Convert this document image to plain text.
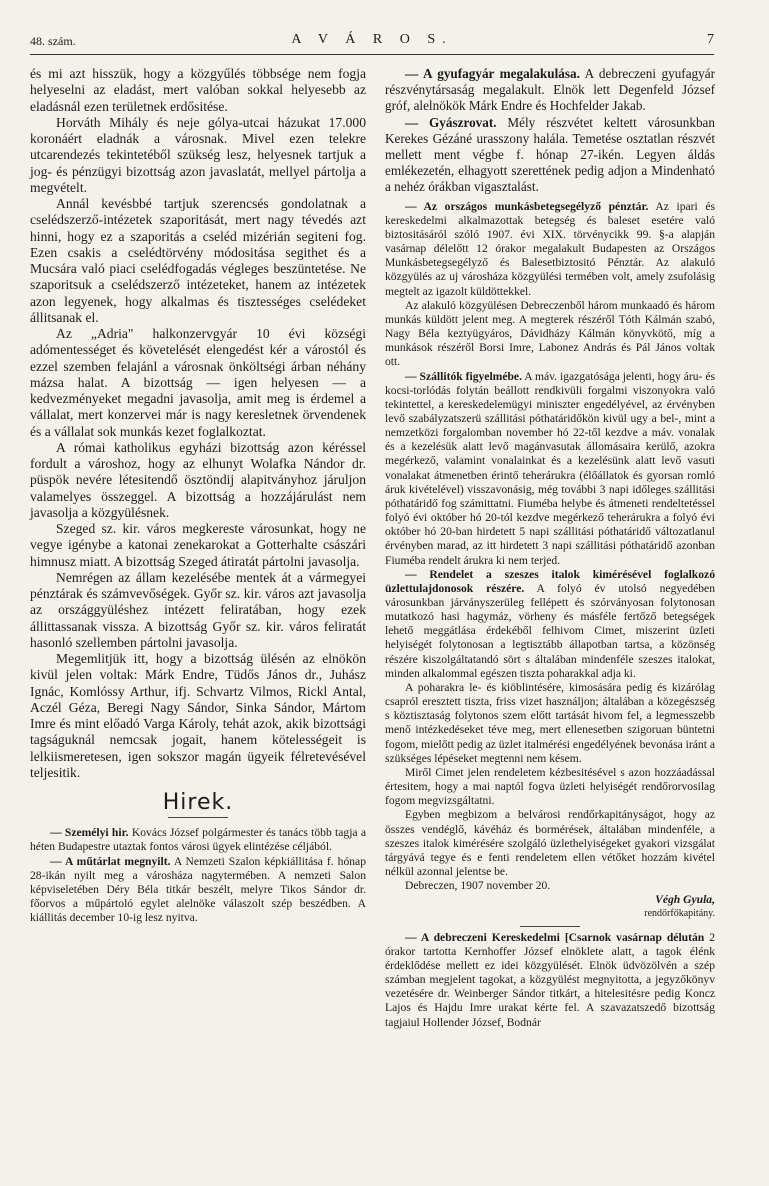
48. szám.	A V Á R O S.	7

és mi azt hisszük, hogy a közgyűlés többsége nem fogja helyeselni az eladást, mert valóban sokkal helyesebb az eladásnál ezen területnek erdősitése.

Horváth Mihály és neje gólya-utcai házukat 17.000 koronáért eladnák a városnak. Mivel ezen telekre utcarendezés tekintetéből szükség lesz, helyesnek tartjuk a jog- és pénzügyi bizottság azon javaslatát, mellyel pártolja a megvételt.

Annál kevésbbé tartjuk szerencsés gondolatnak a cselédszerző-intézetek szaporitását, mert nagy tévedés azt hinni, hogy ez a szaporitás a cseléd mizérián segiteni fog. Ezen csakis a cselédtörvény módositása segithet és a Mucsára való piaci cselédfogadás végleges beszüntetése. Ne szaporitsuk a cselédszerző intézeteket, hanem az intézetek azon legyenek, hogy alkalmas és tisztességes cselédeket állitsanak el.

Az „Adria" halkonzervgyár 10 évi községi adómentességet és követelését elengedést kér a várostól és ezzel szemben felajánl a városnak önköltségi árban néhány mázsa halat. A bizottság — igen helyesen — a kedvezményeket megadni javasolja, amit meg is érdemel a vállalat, mert konzervei már is nagy keresletnek örvendenek és a vállalat sok munkás kezet foglalkoztat.

A római katholikus egyházi bizottság azon kéréssel fordult a városhoz, hogy az elhunyt Wolafka Nándor dr. püspök nevére létesitendő ösztöndij alapitványhoz járuljon valamelyes összeggel. A bizottság a hozzájárulást nem javasolja a közgyülésnek.

Szeged sz. kir. város megkereste városunkat, hogy ne vegye igénybe a katonai zenekarokat a Gotterhalte császári himnusz miatt. A bizottság Szeged átiratát pártolni javasolja.

Nemrégen az állam kezelésébe mentek át a vármegyei pénztárak és számvevőségek. Győr sz. kir. város azt javasolja az országgyüléshez intézett feliratában, hogy ezek állittassanak vissza. A bizottság Győr sz. kir. város feliratát hasonló szellemben pártolni javasolja.

Megemlitjük itt, hogy a bizottság ülésén az elnökön kivül jelen voltak: Márk Endre, Tüdős János dr., Juhász Ignác, Komlóssy Arthur, ifj. Schvartz Vilmos, Rickl Antal, Aczél Géza, Beregi Nagy Sándor, Sinka Sándor, Mártom Imre és mint előadó Varga Károly, tehát azok, akik bizottsági tagságuknál nemcsak jogait, hanem kötelességeit is lelkiismeretesen, igen sokszor magán ügyeik félretevésével teljesitik.

Hirek.

— Személyi hir. Kovács József polgármester és tanács több tagja a héten Budapestre utaztak fontos városi ügyek elintézése céljából.

— A műtárlat megnyilt. A Nemzeti Szalon képkiállitása f. hónap 28-ikán nyilt meg a városháza nagytermében. A nemzeti Salon képviseletében Déry Béla titkár beszélt, melyre Tikos Sándor dr. főorvos a műpártoló egylet alelnöke válaszolt szép beszédben. A kiállitás december 10-ig lesz nyitva.

— A gyufagyár megalakulása. A debreczeni gyufagyár részvénytársaság megalakult. Elnök lett Degenfeld József gróf, alelnökök Márk Endre és Hochfelder Jakab.

— Gyászrovat. Mély részvétet keltett városunkban Kerekes Gézáné urasszony halála. Temetése osztatlan részvét mellett ment végbe f. hónap 27-ikén. Legyen áldás emlékezetén, elhagyott szerettének pedig adjon a Mindenható a nehéz órákban vigasztalást.

— Az országos munkásbetegsegélyző pénztár. Az ipari és kereskedelmi alkalmazottak betegség és baleset esetére való biztositásáról szóló 1907. évi XIX. törvénycikk 99. §-a alapján vasárnap délelőtt 12 órakor megalakult Budapesten az Országos Munkásbetegsegélyző és Balesetbiztositó Pénztár. Az alakuló közgyülés az uj városháza közgyülési termében volt, amely zsufolásig megtelt az igazolt küldöttekkel.

Az alakuló közgyülésen Debreczenből három munkaadó és három munkás küldött jelent meg. A megterek részéről Tóth Kálmán szabó, Nagy Béla keztyügyáros, Dávidházy Kálmán könyvkötő, míg a munkások részéről Borsi Imre, Labonez András és Pál János voltak ott.

— Szállitók figyelmébe. A máv. igazgatósága jelenti, hogy áru- és kocsi-torlódás folytán beállott rendkivüli forgalmi viszonyokra való tekintettel, a kereskedelemügyi miniszter engedélyével, az érvényben levő szabályzatszerü szállitási póthatáridőkön kivül ugy a bel-, mint a nemzetközi forgalomban november hó 22-től kezdve a máv. vonalak és a kezelésük alatt levő magánvasutak állomásaira kerülő, azokra megérkező, valamint vonalainkat és a kezelésünk alatt levő vasuti vonalakat átmenetben érintő teherárukra (élőállatok és gyorsan romló áruk kivételével) visszavonásig, még további 3 napi időleges szállitási póthatáridő fog számittatni. Fiuméba helybe és átmeneti rendeltetéssel folyó évi október hó 20-tól kezdve megérkező teherárukra a folyó évi október hó 20-ban hirdetett 5 napi szállitási póthatáridő változatlanul érvényben marad, az itt hirdetett 3 napi szállitási póthatáridő azonban Fiuméba rendelt árukra ki nem terjed.

— Rendelet a szeszes italok kimérésével foglalkozó üzlettulajdonosok részére. A folyó év utolsó negyedében városunkban járványszerüleg fellépett és szórványosan folytonosan mutatkozó hasi hagymáz, vörheny és másféle fertőző betegségek lehető meggátlása érdekéből felhivom Cimet, miszerint üzleti helyiségét folytonosan a legtisztább állapotban tartsa, a közönség részére kiszolgáltatandó sört s általában mindenféle szeszes italokat, minden alkalommal egészen tiszta poharakkal adja ki.

A poharakra le- és kiöblintésére, kimosására pedig és kizárólag csapról eresztett tiszta, friss vizet használjon; általában a közegészség s köztisztaság folytonos szem előtt tartását hivom fel, a legmesszebb menő intézkedéseket téve meg, mert ellenesetben szigoruan büntetni fogom, mielőtt pedig az üzlet italmérési engedélyének bevonása iránt a szükséges lépéseket megtenni nem késem.

Miről Cimet jelen rendeletem kézbesitésével s azon hozzáadással értesitem, hogy a mai naptól fogva üzleti helyiségét rendőrorvosilag fogom megvizsgáltatni.

Egyben megbizom a belvárosi rendőrkapitányságot, hogy az összes vendéglő, kávéház és bormérések, általában mindenféle, a szeszes italok kimérésére szolgáló üzlethelyiségeket gyakori vizsgálat tárgyává tegye és e fenti rendeletem ellen vétőket hozzám kivétel nélkül azonnal jelentse be.

Debreczen, 1907 november 20.

Végh Gyula,

rendőrfőkapitány.

— A debreczeni Kereskedelmi [Csarnok vasárnap délután 2 órakor tartotta Kernhoffer József elnöklete alatt, a tagok élénk érdeklődése mellett ez idei közgyülését. Elnök üdvözölvén a szép számban megjelent tagokat, a közgyülést megnyitotta, a jegyzőkönyv vezetésére dr. Weinberger Sándor titkárt, a hitelesitésre pedig Koncz Lajos és Hajdu Imre urakat kérte fel. A szavazatszedő bizottság tagjaiul Hollender József, Bodnár
